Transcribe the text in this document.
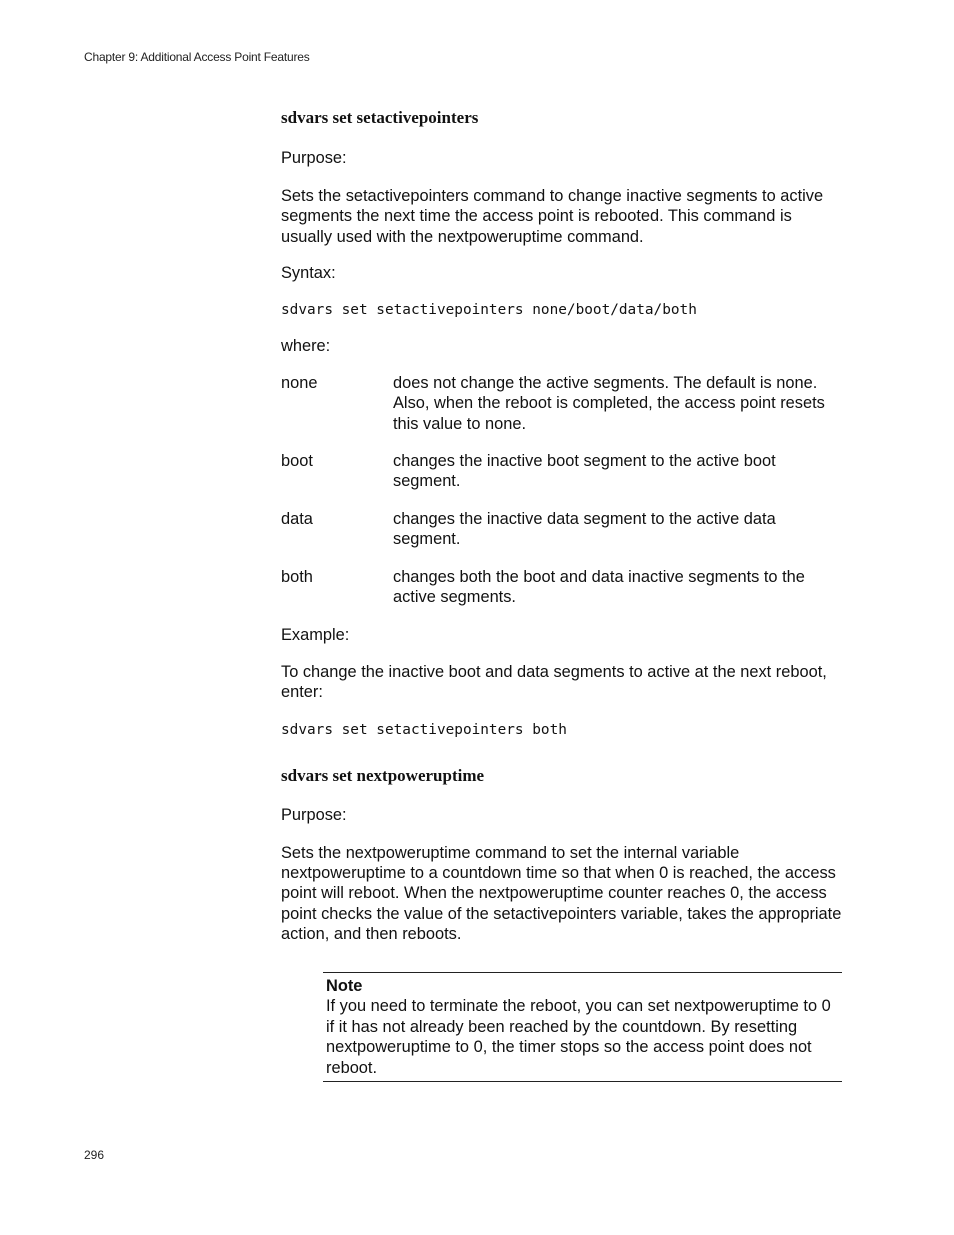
Chapter 9: Additional Access Point Features
sdvars set setactivepointers

Purpose:

Sets the setactivepointers command to change inactive segments to active segments the next time the access point is rebooted. This command is usually used with the nextpoweruptime command.

Syntax:

sdvars set setactivepointers none/boot/data/both

where:

none	does not change the active segments. The default is none. Also, when the reboot is completed, the access point resets this value to none.
boot	changes the inactive boot segment to the active boot segment.
data	changes the inactive data segment to the active data segment.
both	changes both the boot and data inactive segments to the active segments.

Example:

To change the inactive boot and data segments to active at the next reboot, enter:

sdvars set setactivepointers both

sdvars set nextpoweruptime

Purpose:

Sets the nextpoweruptime command to set the internal variable nextpoweruptime to a countdown time so that when 0 is reached, the access point will reboot. When the nextpoweruptime counter reaches 0, the access point checks the value of the setactivepointers variable, takes the appropriate action, and then reboots.

Note
If you need to terminate the reboot, you can set nextpoweruptime to 0 if it has not already been reached by the countdown. By resetting nextpoweruptime to 0, the timer stops so the access point does not reboot.
296
